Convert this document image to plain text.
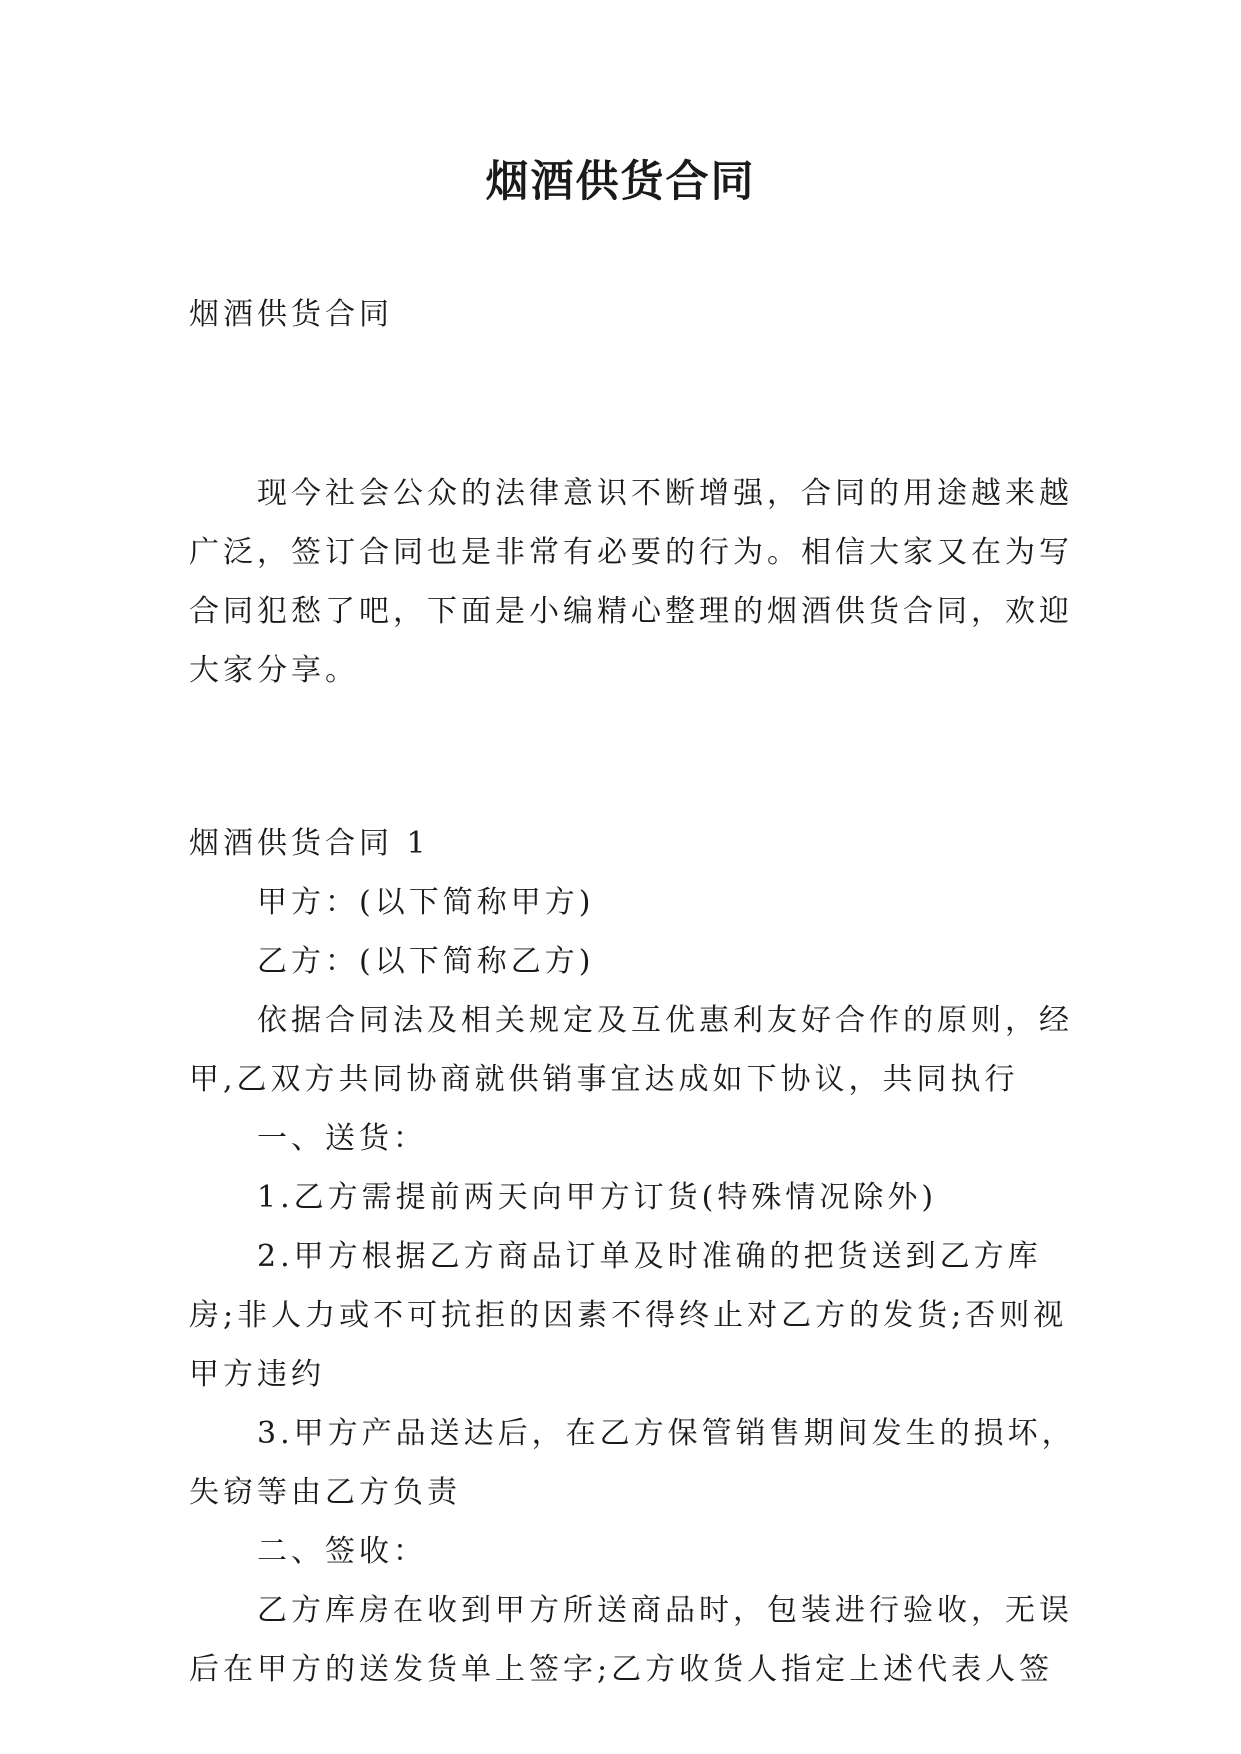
烟酒供货合同
烟酒供货合同
现今社会公众的法律意识不断增强，合同的用途越来越
广泛，签订合同也是非常有必要的行为。相信大家又在为写
合同犯愁了吧，下面是小编精心整理的烟酒供货合同，欢迎
大家分享。
烟酒供货合同 1
甲方：(以下简称甲方)
乙方：(以下简称乙方)
依据合同法及相关规定及互优惠利友好合作的原则，经
甲,乙双方共同协商就供销事宜达成如下协议，共同执行
一、送货：
1.乙方需提前两天向甲方订货(特殊情况除外)
2.甲方根据乙方商品订单及时准确的把货送到乙方库
房;非人力或不可抗拒的因素不得终止对乙方的发货;否则视
甲方违约
3.甲方产品送达后，在乙方保管销售期间发生的损坏，
失窃等由乙方负责
二、签收：
乙方库房在收到甲方所送商品时，包装进行验收，无误
后在甲方的送发货单上签字;乙方收货人指定上述代表人签
